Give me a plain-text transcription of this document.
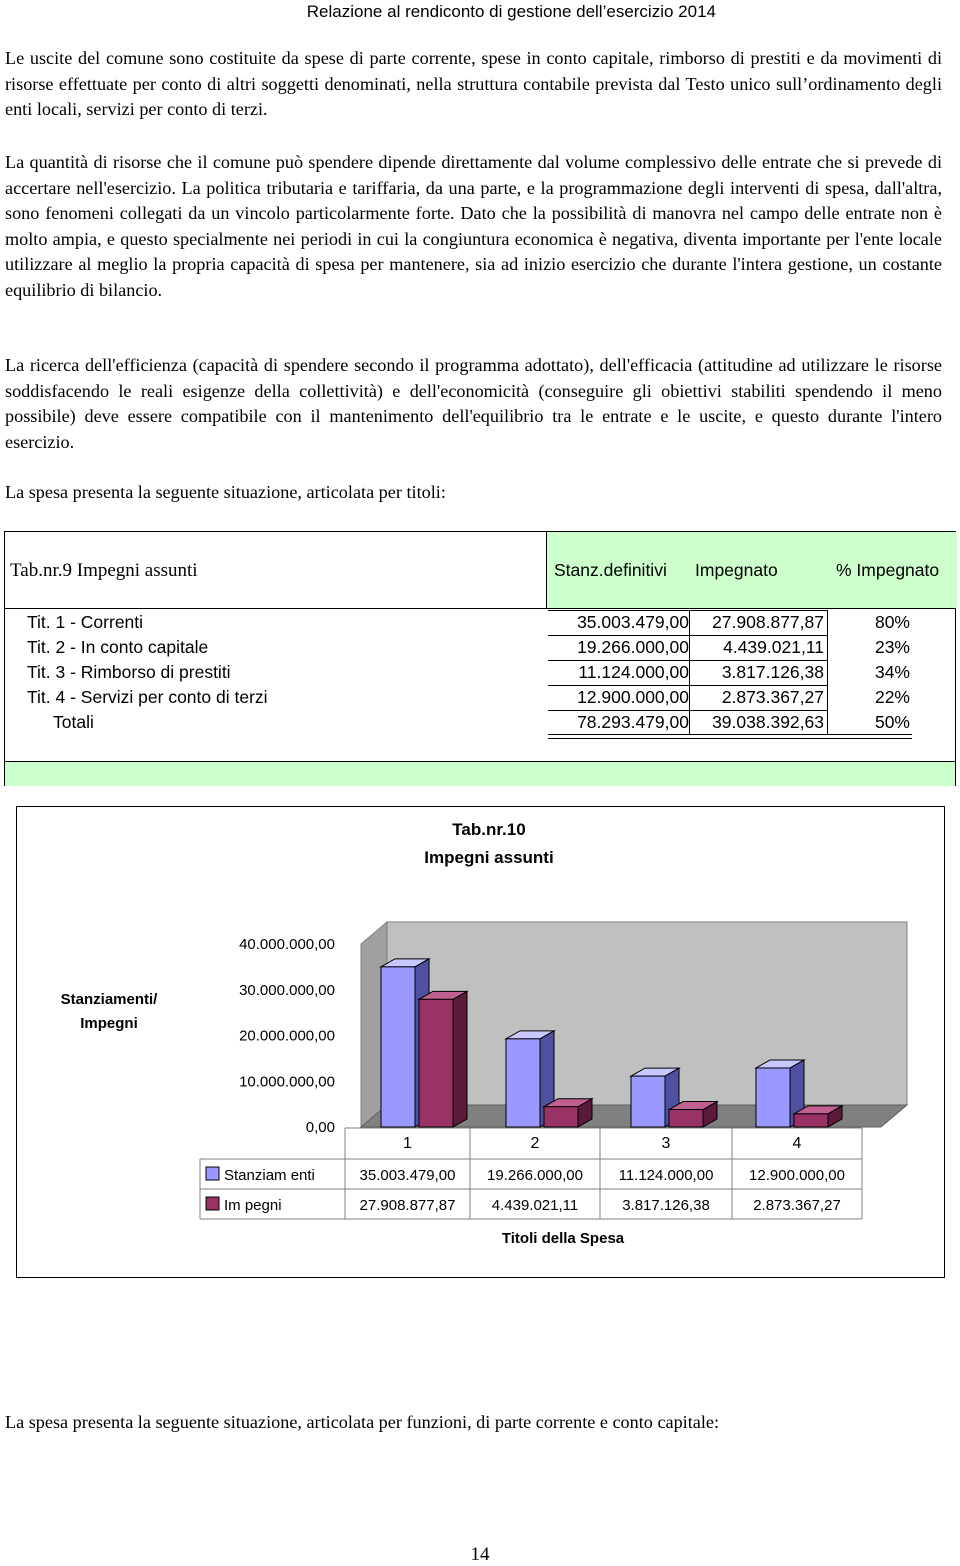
Relazione al rendiconto di gestione dell’esercizio 2014
Le uscite del comune sono costituite da spese di parte corrente, spese in conto capitale, rimborso di prestiti e da movimenti di risorse effettuate per conto di altri soggetti denominati, nella struttura contabile prevista dal Testo unico sull’ordinamento degli enti locali, servizi per conto di terzi.
La quantità di risorse che il comune può spendere dipende direttamente dal volume complessivo delle entrate che si prevede di accertare nell'esercizio. La politica tributaria e tariffaria, da una parte, e la programmazione degli interventi di spesa, dall'altra, sono fenomeni collegati da un vincolo particolarmente forte. Dato che la possibilità di manovra nel campo delle entrate non è molto ampia, e questo specialmente nei periodi in cui la congiuntura economica è negativa, diventa importante per l'ente locale utilizzare al meglio la propria capacità di spesa per mantenere, sia ad inizio esercizio che durante l'intera gestione, un costante equilibrio di bilancio.
La ricerca dell'efficienza (capacità di spendere secondo il programma adottato), dell'efficacia (attitudine ad utilizzare le risorse soddisfacendo le reali esigenze della collettività) e dell'economicità (conseguire gli obiettivi stabiliti spendendo il meno possibile) deve essere compatibile con il mantenimento dell'equilibrio tra le entrate e le uscite, e questo durante l'intero esercizio.
La spesa presenta la seguente situazione, articolata per titoli:
Stanz.definitivi Impegnato	% Impegnato
Tab.nr.9 Impegni assunti
Tit. 1 - Correnti	35.003.479,00	27.908.877,87	80%
Tit. 2 - In conto capitale	19.266.000,00	4.439.021,11	23%
Tit. 3 - Rimborso di prestiti	11.124.000,00	3.817.126,38	34%
Tit. 4 - Servizi per conto di terzi	12.900.000,00	2.873.367,27	22%
Totali	78.293.479,00	39.038.392,63	50%
0,00
10.000.000,00
20.000.000,00
30.000.000,00
40.000.000,00
Tab.nr.10
Impegni assunti
Stanziamenti/
Impegni
Titoli della Spesa
1	2	3	4
Stanziam enti	35.003.479,00 19.266.000,00 11.124.000,00 12.900.000,00
Im pegni	27.908.877,87 4.439.021,11	3.817.126,38	2.873.367,27
La spesa presenta la seguente situazione, articolata per funzioni, di parte corrente e conto capitale:
14
